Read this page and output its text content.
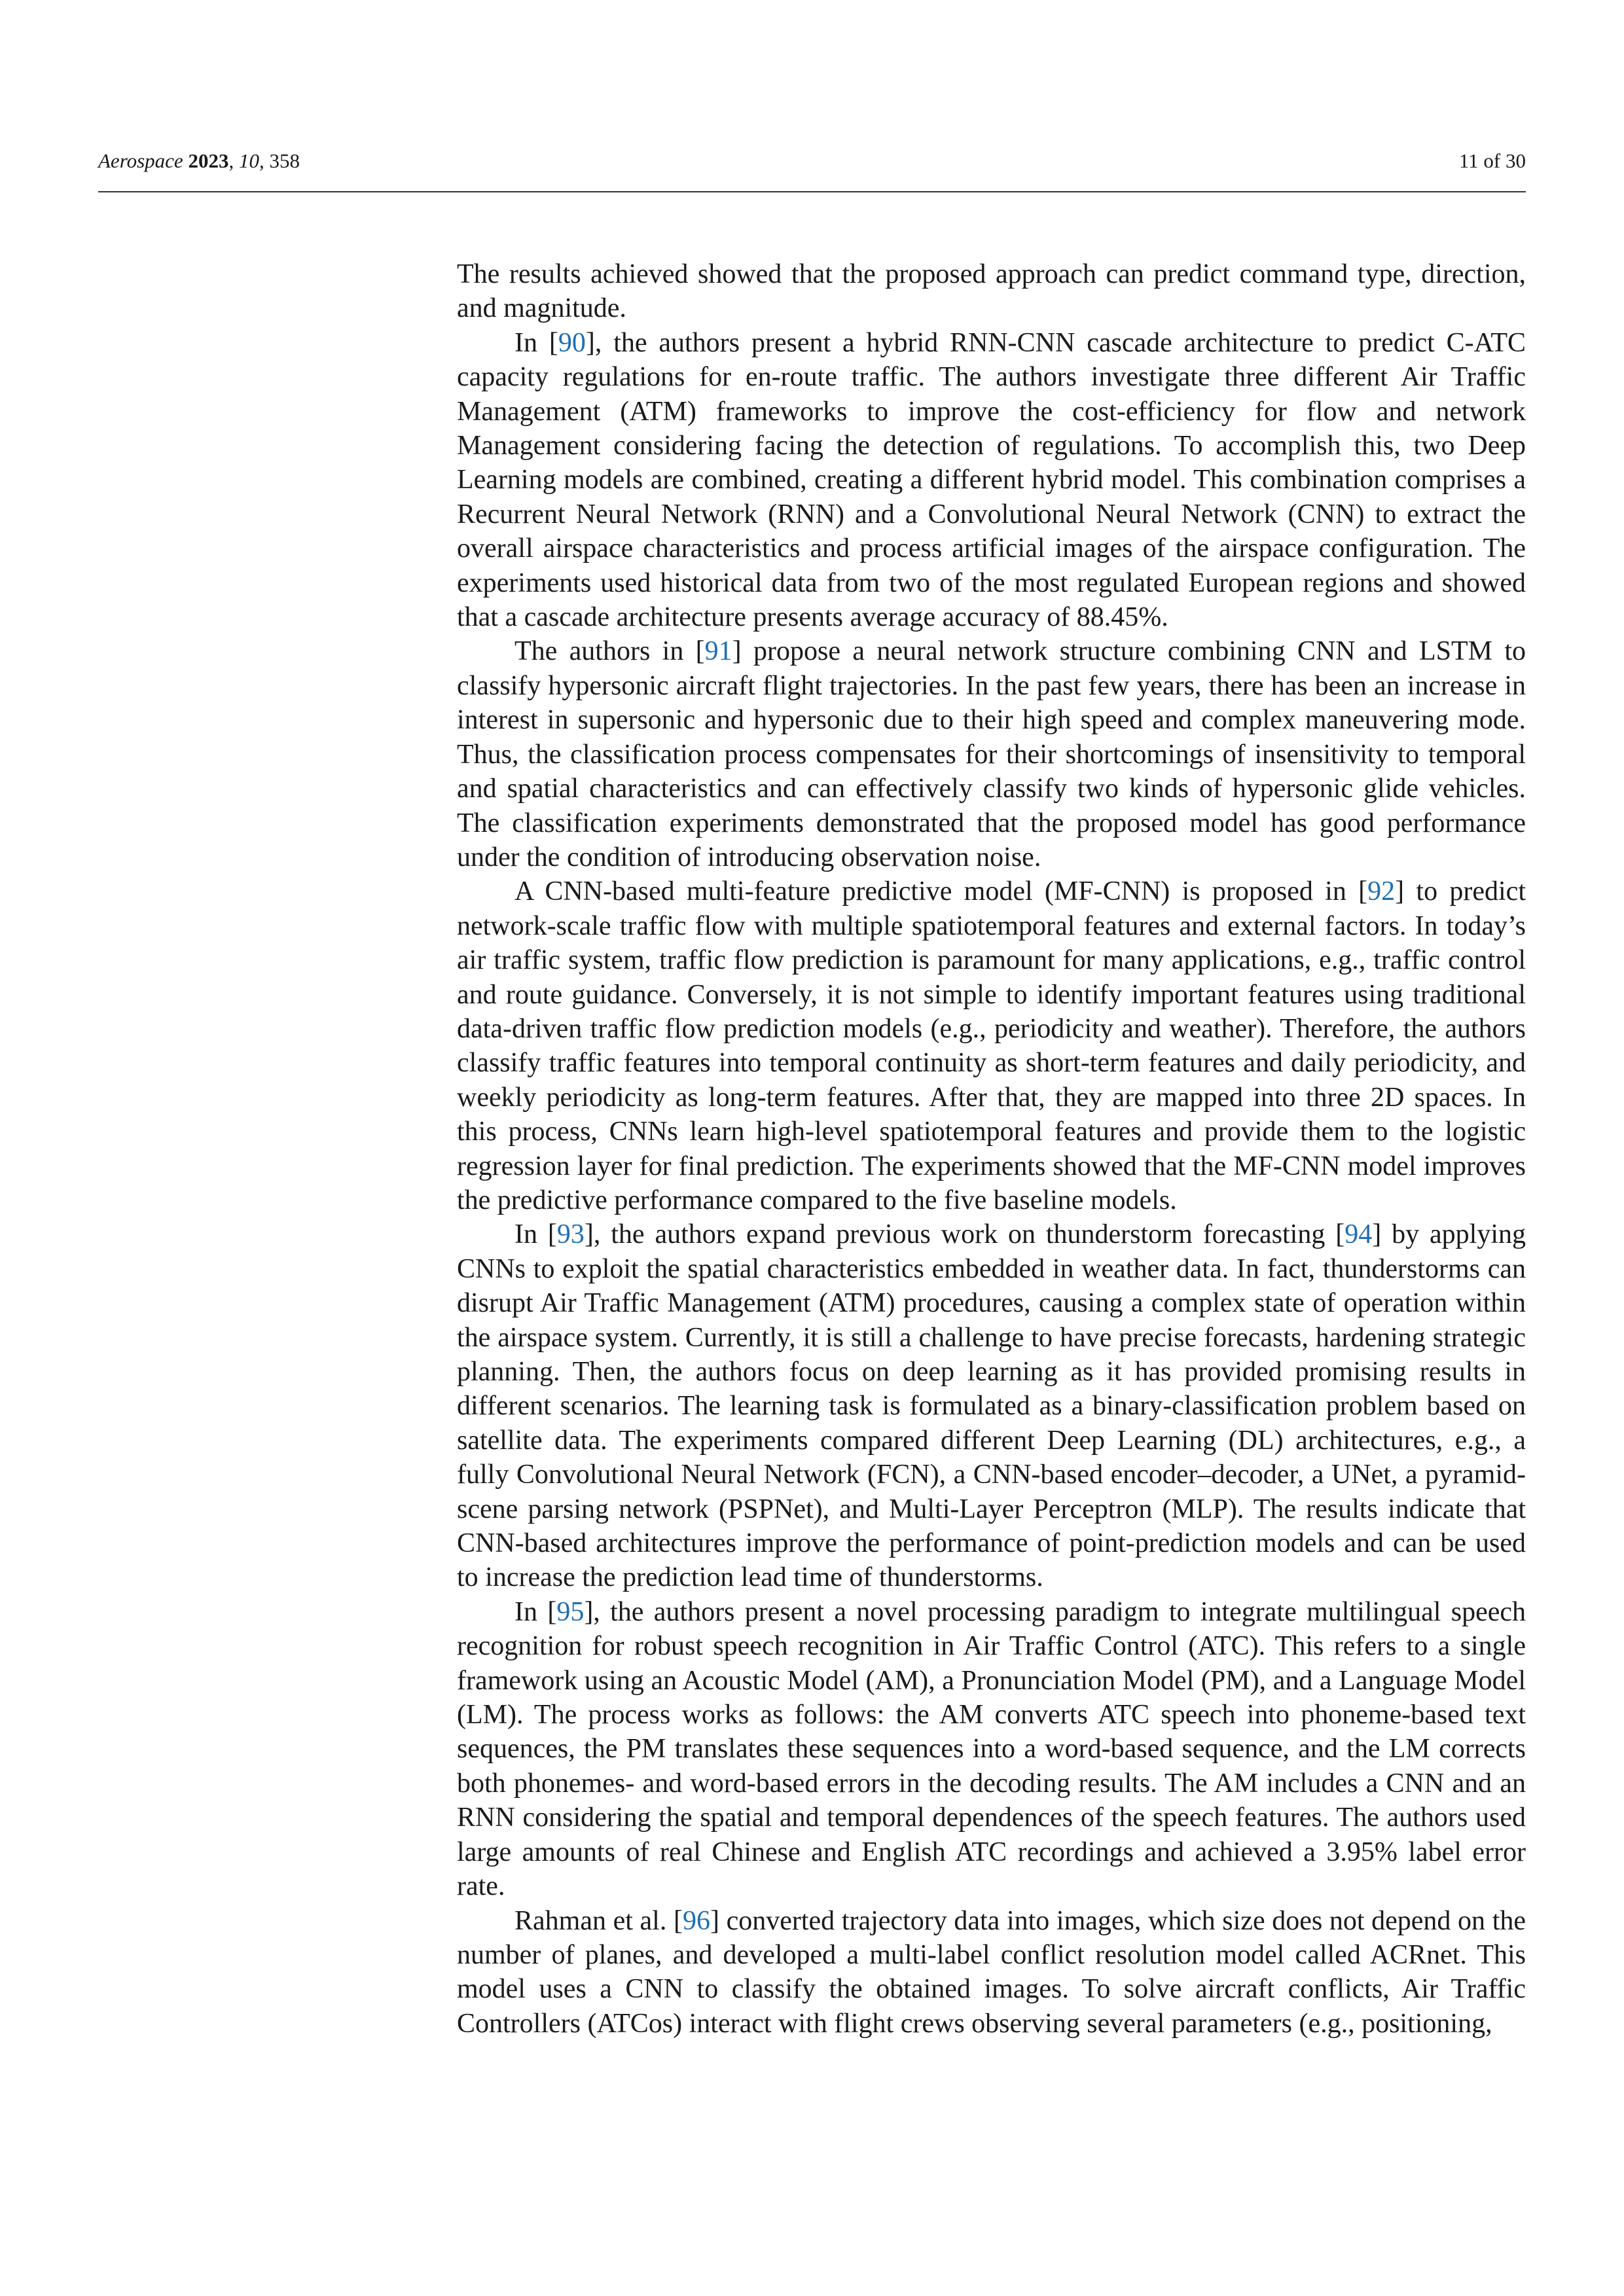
Aerospace 2023, 10, 358	11 of 30

The results achieved showed that the proposed approach can predict command type, direction, and magnitude.

In [90], the authors present a hybrid RNN-CNN cascade architecture to predict C-ATC capacity regulations for en-route traffic. The authors investigate three different Air Traffic Management (ATM) frameworks to improve the cost-efficiency for flow and network Management considering facing the detection of regulations. To accomplish this, two Deep Learning models are combined, creating a different hybrid model. This combination comprises a Recurrent Neural Network (RNN) and a Convolutional Neural Network (CNN) to extract the overall airspace characteristics and process artificial images of the airspace configuration. The experiments used historical data from two of the most regulated European regions and showed that a cascade architecture presents average accuracy of 88.45%.

The authors in [91] propose a neural network structure combining CNN and LSTM to classify hypersonic aircraft flight trajectories. In the past few years, there has been an increase in interest in supersonic and hypersonic due to their high speed and complex maneuvering mode. Thus, the classification process compensates for their shortcomings of insensitivity to temporal and spatial characteristics and can effectively classify two kinds of hypersonic glide vehicles. The classification experiments demonstrated that the proposed model has good performance under the condition of introducing observation noise.

A CNN-based multi-feature predictive model (MF-CNN) is proposed in [92] to predict network-scale traffic flow with multiple spatiotemporal features and external factors. In today’s air traffic system, traffic flow prediction is paramount for many applications, e.g., traffic control and route guidance. Conversely, it is not simple to identify important features using traditional data-driven traffic flow prediction models (e.g., periodicity and weather). Therefore, the authors classify traffic features into temporal continuity as short-term features and daily periodicity, and weekly periodicity as long-term features. After that, they are mapped into three 2D spaces. In this process, CNNs learn high-level spatiotemporal features and provide them to the logistic regression layer for final prediction. The experiments showed that the MF-CNN model improves the predictive performance compared to the five baseline models.

In [93], the authors expand previous work on thunderstorm forecasting [94] by applying CNNs to exploit the spatial characteristics embedded in weather data. In fact, thunderstorms can disrupt Air Traffic Management (ATM) procedures, causing a complex state of operation within the airspace system. Currently, it is still a challenge to have precise forecasts, hardening strategic planning. Then, the authors focus on deep learning as it has provided promising results in different scenarios. The learning task is formulated as a binary-classification problem based on satellite data. The experiments compared different Deep Learning (DL) architectures, e.g., a fully Convolutional Neural Network (FCN), a CNN-based encoder–decoder, a UNet, a pyramid-scene parsing network (PSPNet), and Multi-Layer Perceptron (MLP). The results indicate that CNN-based architectures improve the performance of point-prediction models and can be used to increase the prediction lead time of thunderstorms.

In [95], the authors present a novel processing paradigm to integrate multilingual speech recognition for robust speech recognition in Air Traffic Control (ATC). This refers to a single framework using an Acoustic Model (AM), a Pronunciation Model (PM), and a Language Model (LM). The process works as follows: the AM converts ATC speech into phoneme-based text sequences, the PM translates these sequences into a word-based sequence, and the LM corrects both phonemes- and word-based errors in the decoding results. The AM includes a CNN and an RNN considering the spatial and temporal dependences of the speech features. The authors used large amounts of real Chinese and English ATC recordings and achieved a 3.95% label error rate.

Rahman et al. [96] converted trajectory data into images, which size does not depend on the number of planes, and developed a multi-label conflict resolution model called ACRnet. This model uses a CNN to classify the obtained images. To solve aircraft conflicts, Air Traffic Controllers (ATCos) interact with flight crews observing several parameters (e.g., positioning,
